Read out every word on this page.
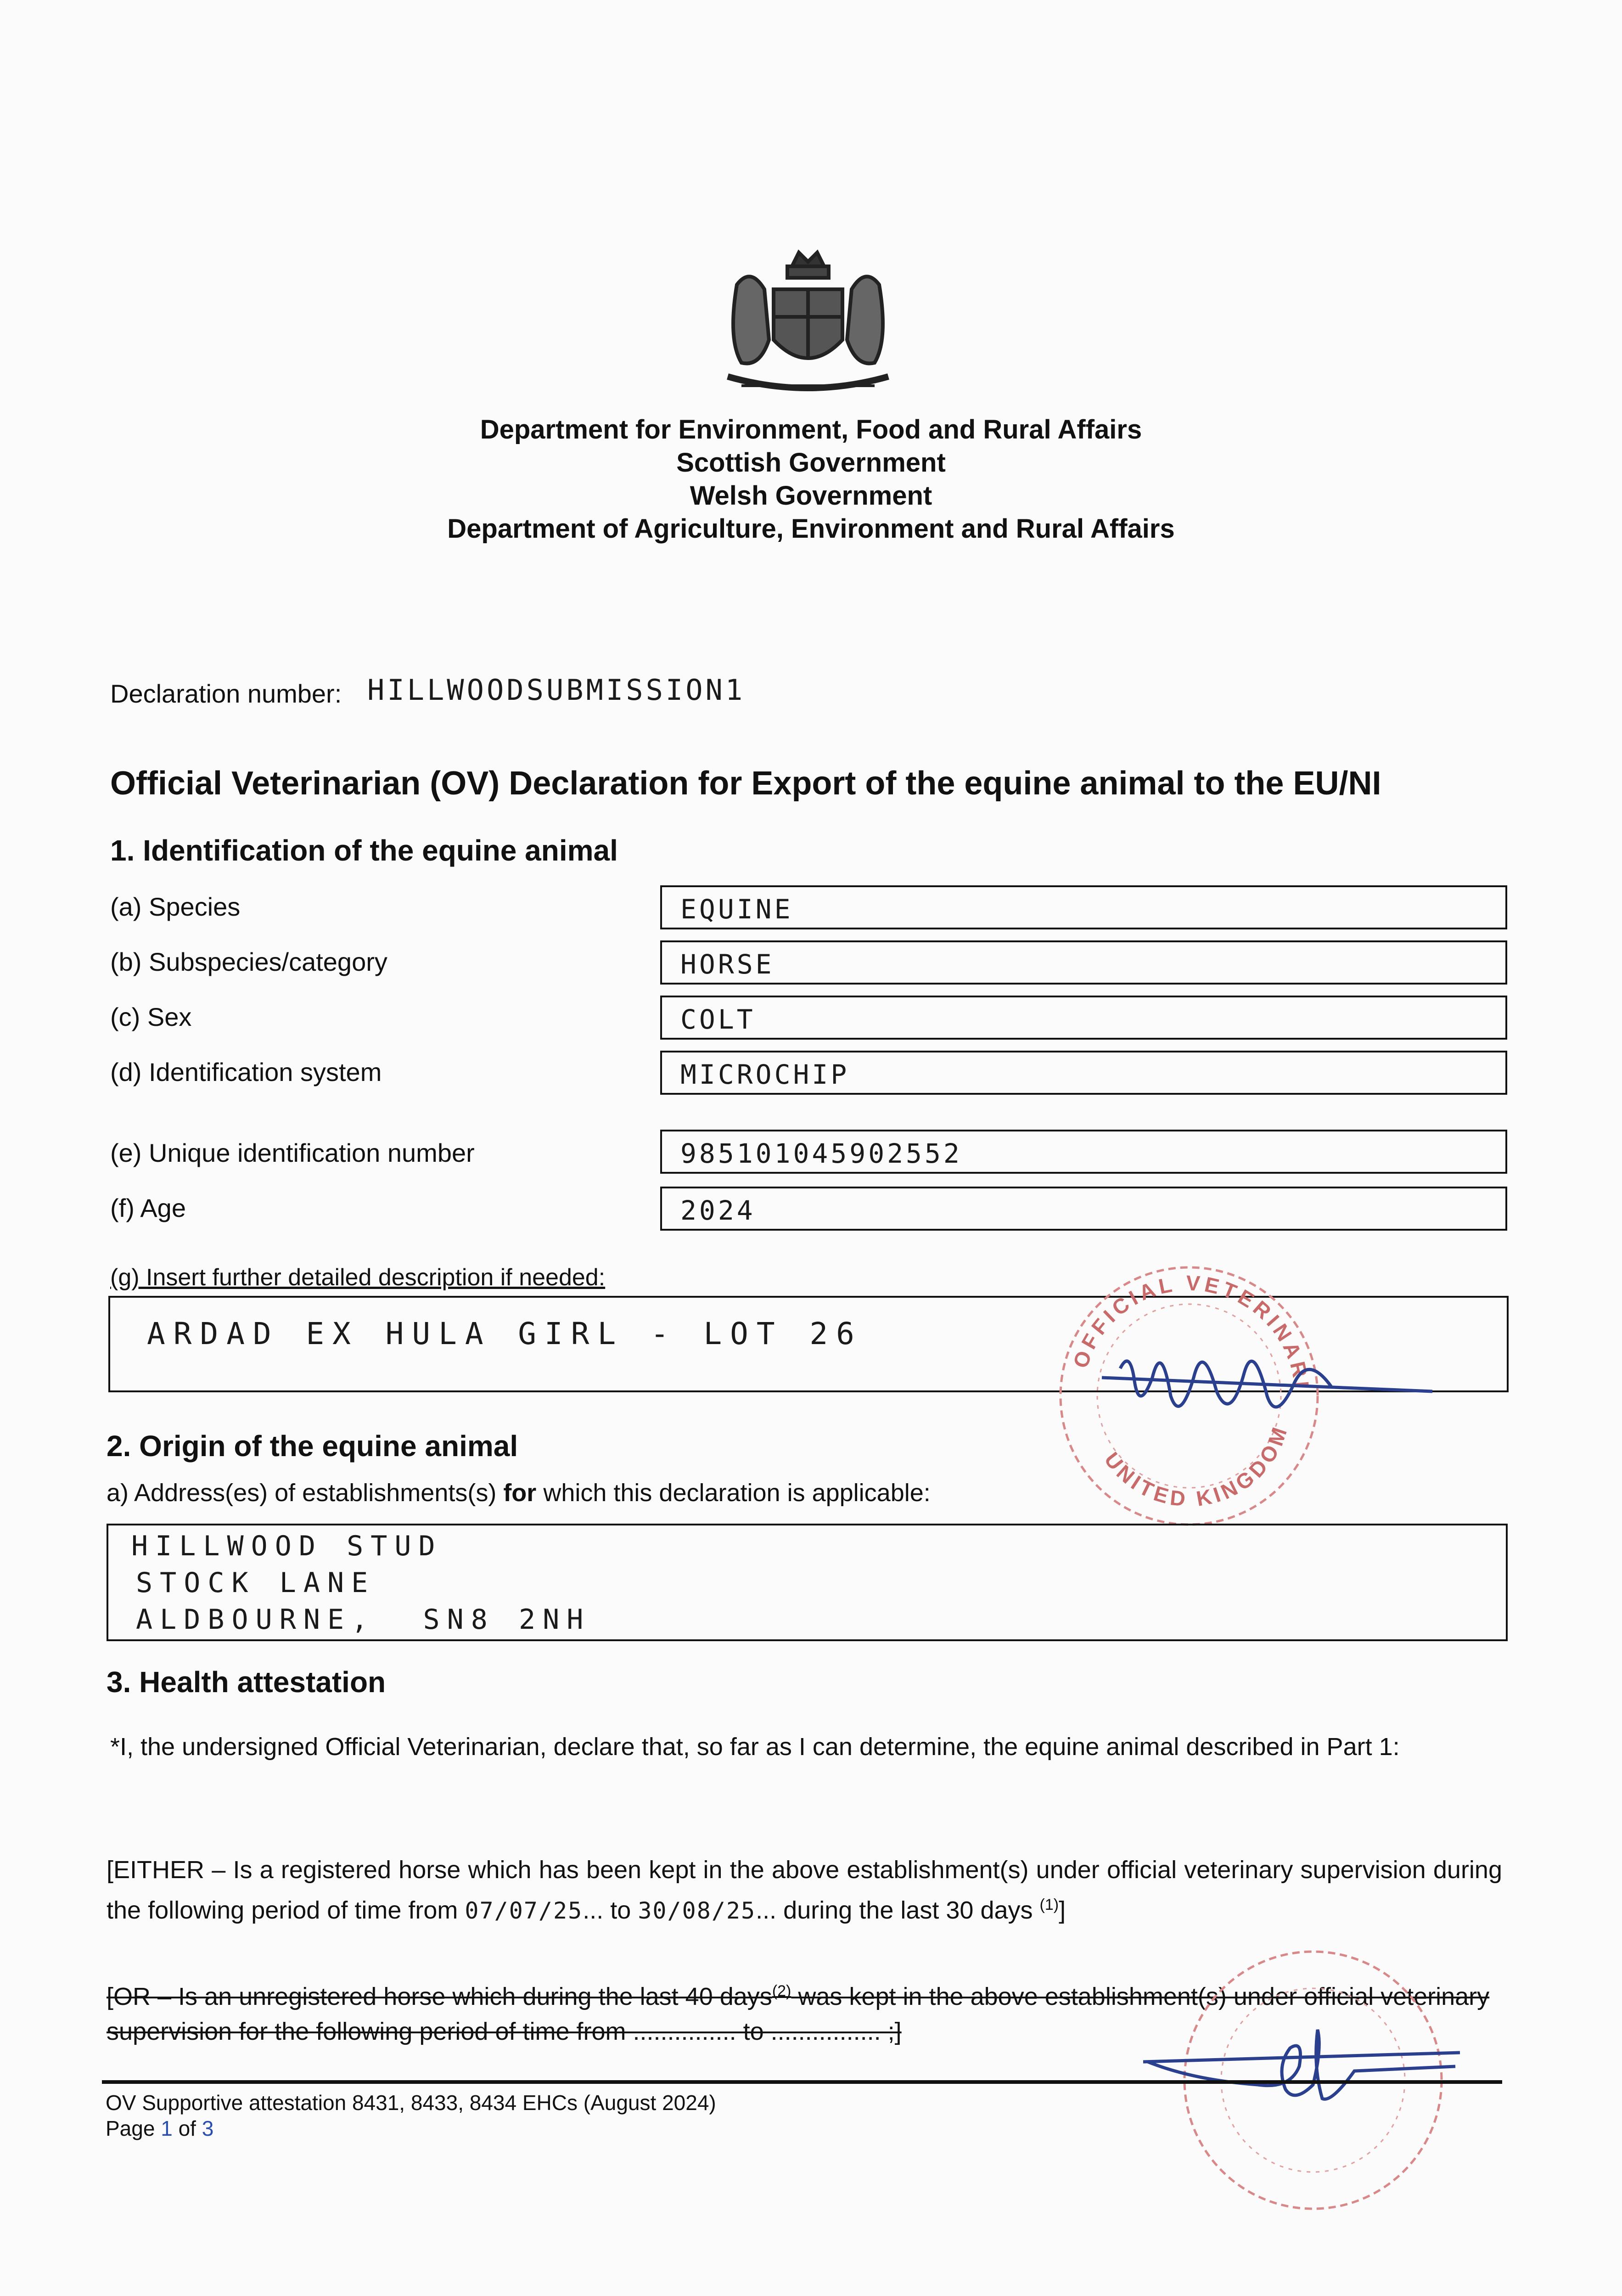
Department for Environment, Food and Rural Affairs
Scottish Government
Welsh Government
Department of Agriculture, Environment and Rural Affairs
Declaration number: HILLWOODSUBMISSION1
Official Veterinarian (OV) Declaration for Export of the equine animal to the EU/NI
1. Identification of the equine animal
(a) Species	EQUINE
(b) Subspecies/category	HORSE
(c) Sex	COLT
(d) Identification system	MICROCHIP
(e) Unique identification number	985101045902552
(f) Age	2024
(g) Insert further detailed description if needed:
ARDAD EX HULA GIRL - LOT 26
OFFICIAL VETERINARI
UNITED KINGDOM
2. Origin of the equine animal
a) Address(es) of establishments(s) for which this declaration is applicable:
HILLWOOD STUD
STOCK LANE
ALDBOURNE,  SN8 2NH
3. Health attestation
*I, the undersigned Official Veterinarian, declare that, so far as I can determine, the equine animal described in Part 1:
[EITHER – Is a registered horse which has been kept in the above establishment(s) under official veterinary supervision during the following period of time from 07/07/25... to 30/08/25... during the last 30 days $^{(1)}$]
[OR – Is an unregistered horse which during the last 40 days$^{(2)}$ was kept in the above establishment(s) under official veterinary supervision for the following period of time from ............... to ................ ;]
OV Supportive attestation 8431, 8433, 8434 EHCs (August 2024)
Page 1 of 3
